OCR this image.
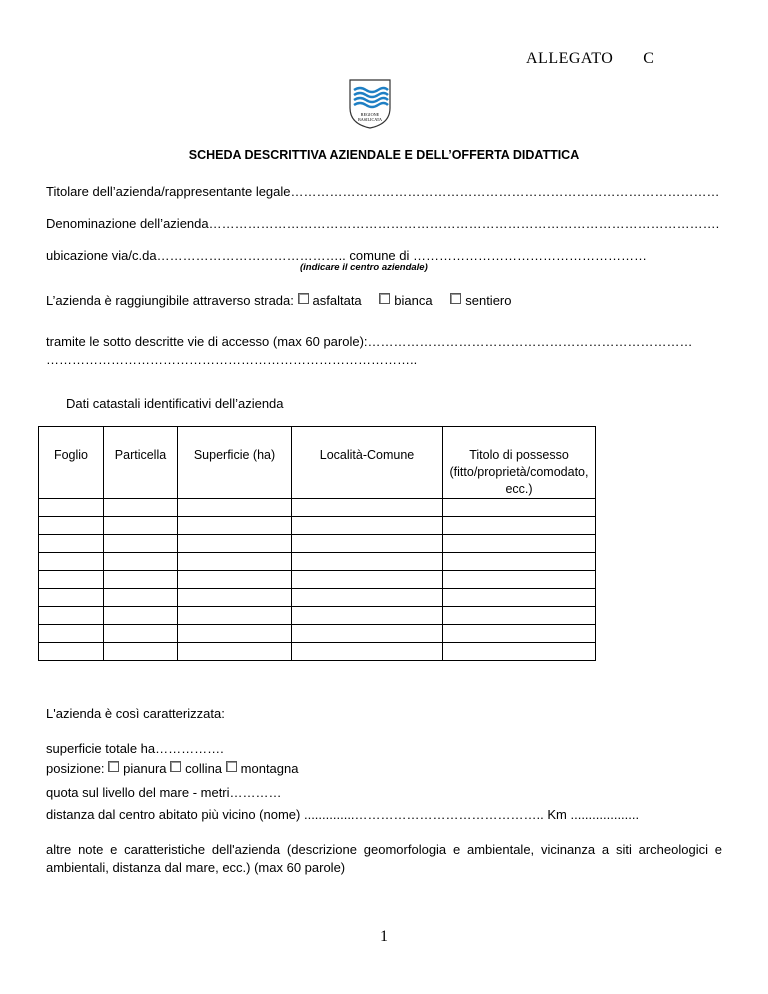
ALLEGATO C
REGIONE
BASILICATA
SCHEDA DESCRITTIVA AZIENDALE E DELL’OFFERTA DIDATTICA
Titolare dell’azienda/rappresentante legale………………………………………………………………………………………
Denominazione dell’azienda……………………………………………………………………………………………………….
ubicazione via/c.da…………………………………….. comune di ………………………………………………
(indicare il centro aziendale)
L’azienda è raggiungibile attraverso strada: asfaltata	bianca	sentiero
tramite le sotto descritte vie di accesso (max 60 parole):…………………………………………………………………
…………………………………………………………………………..
Dati catastali identificativi dell’azienda
Foglio	Particella	Superficie (ha)	Località-Comune	Titolo di possesso
(fitto/proprietà/comodato,
ecc.)

L'azienda è così caratterizzata:
superficie totale ha…………….
posizione: pianura collina montagna
quota sul livello del mare - metri…………
distanza dal centro abitato più vicino (nome) ..............…………………………………….. Km ...................
altre note e caratteristiche dell'azienda (descrizione geomorfologia e ambientale, vicinanza a siti archeologici e ambientali, distanza dal mare, ecc.) (max 60 parole)
1
